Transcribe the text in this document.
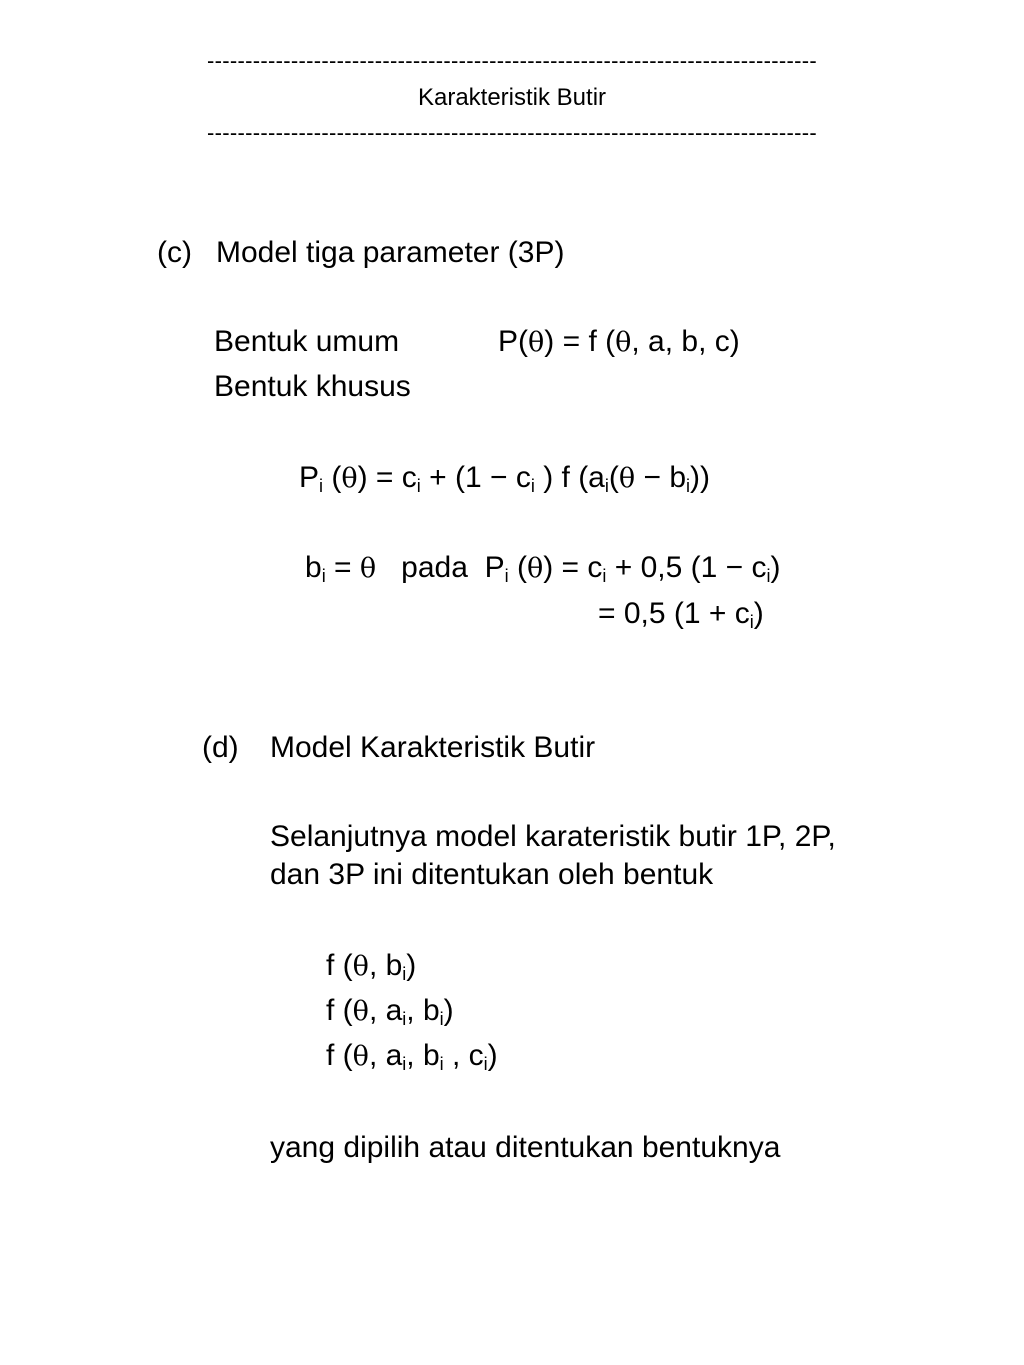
--------------------------------------------------------------------------------
Karakteristik Butir
--------------------------------------------------------------------------------
(c) Model tiga parameter (3P)
Bentuk umum	P(θ) = f (θ, a, b, c)
Bentuk khusus
$P_i$ $(\theta) = c_i + (1 - c_i$ ) f $(a_i(\theta - b_i))$
$b_i = \theta$ pada  $P_i$ $(\theta) = c_i + 0,5$ $(1 - c_i)$
= 0,5 $(1 + c_i)$
(d) Model Karakteristik Butir
Selanjutnya model karateristik butir 1P, 2P,
dan 3P ini ditentukan oleh bentuk
f (θ, $b_i$)
f (θ, $a_i$, $b_i$)
f (θ, $a_i$, $b_i$ , $c_i$)
yang dipilih atau ditentukan bentuknya
